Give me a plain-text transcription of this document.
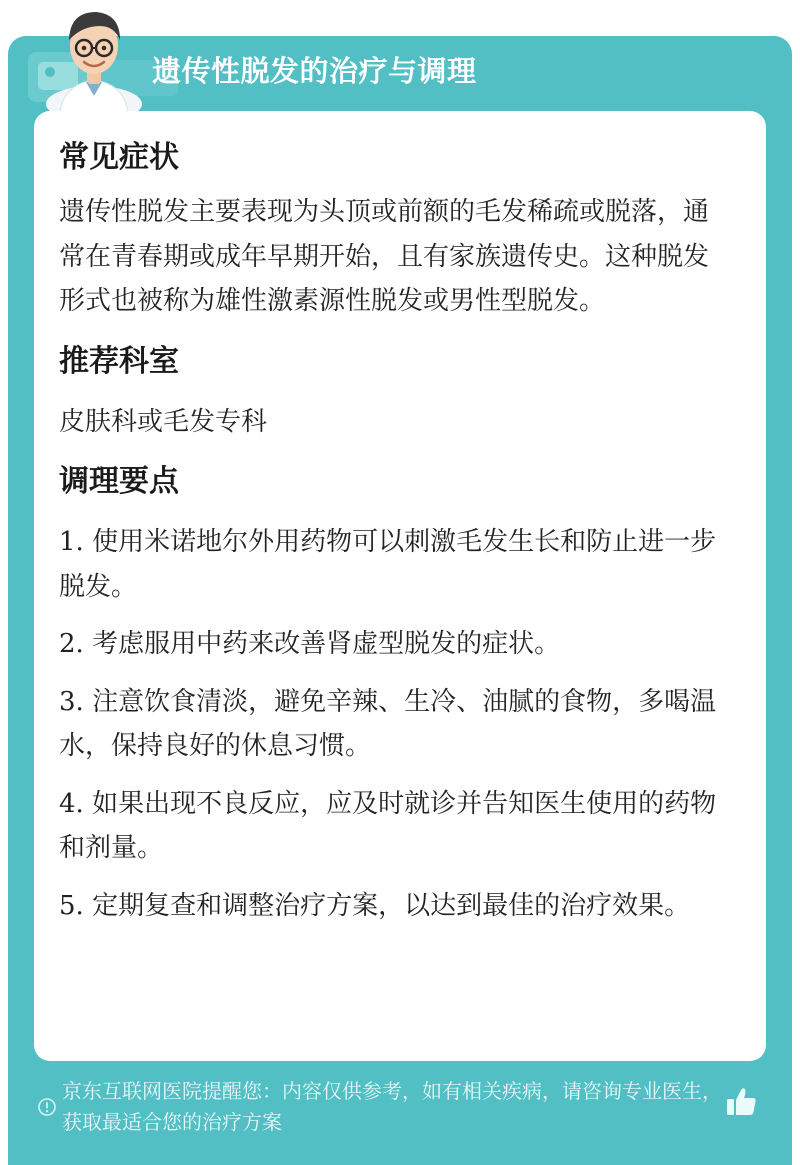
遗传性脱发的治疗与调理
常见症状

遗传性脱发主要表现为头顶或前额的毛发稀疏或脱落，通常在青春期或成年早期开始，且有家族遗传史。这种脱发形式也被称为雄性激素源性脱发或男性型脱发。

推荐科室

皮肤科或毛发专科

调理要点

1. 使用米诺地尔外用药物可以刺激毛发生长和防止进一步脱发。

2. 考虑服用中药来改善肾虚型脱发的症状。

3. 注意饮食清淡，避免辛辣、生冷、油腻的食物，多喝温水，保持良好的休息习惯。

4. 如果出现不良反应，应及时就诊并告知医生使用的药物和剂量。

5. 定期复查和调整治疗方案，以达到最佳的治疗效果。

京东互联网医院提醒您：内容仅供参考，如有相关疾病，请咨询专业医生，获取最适合您的治疗方案
